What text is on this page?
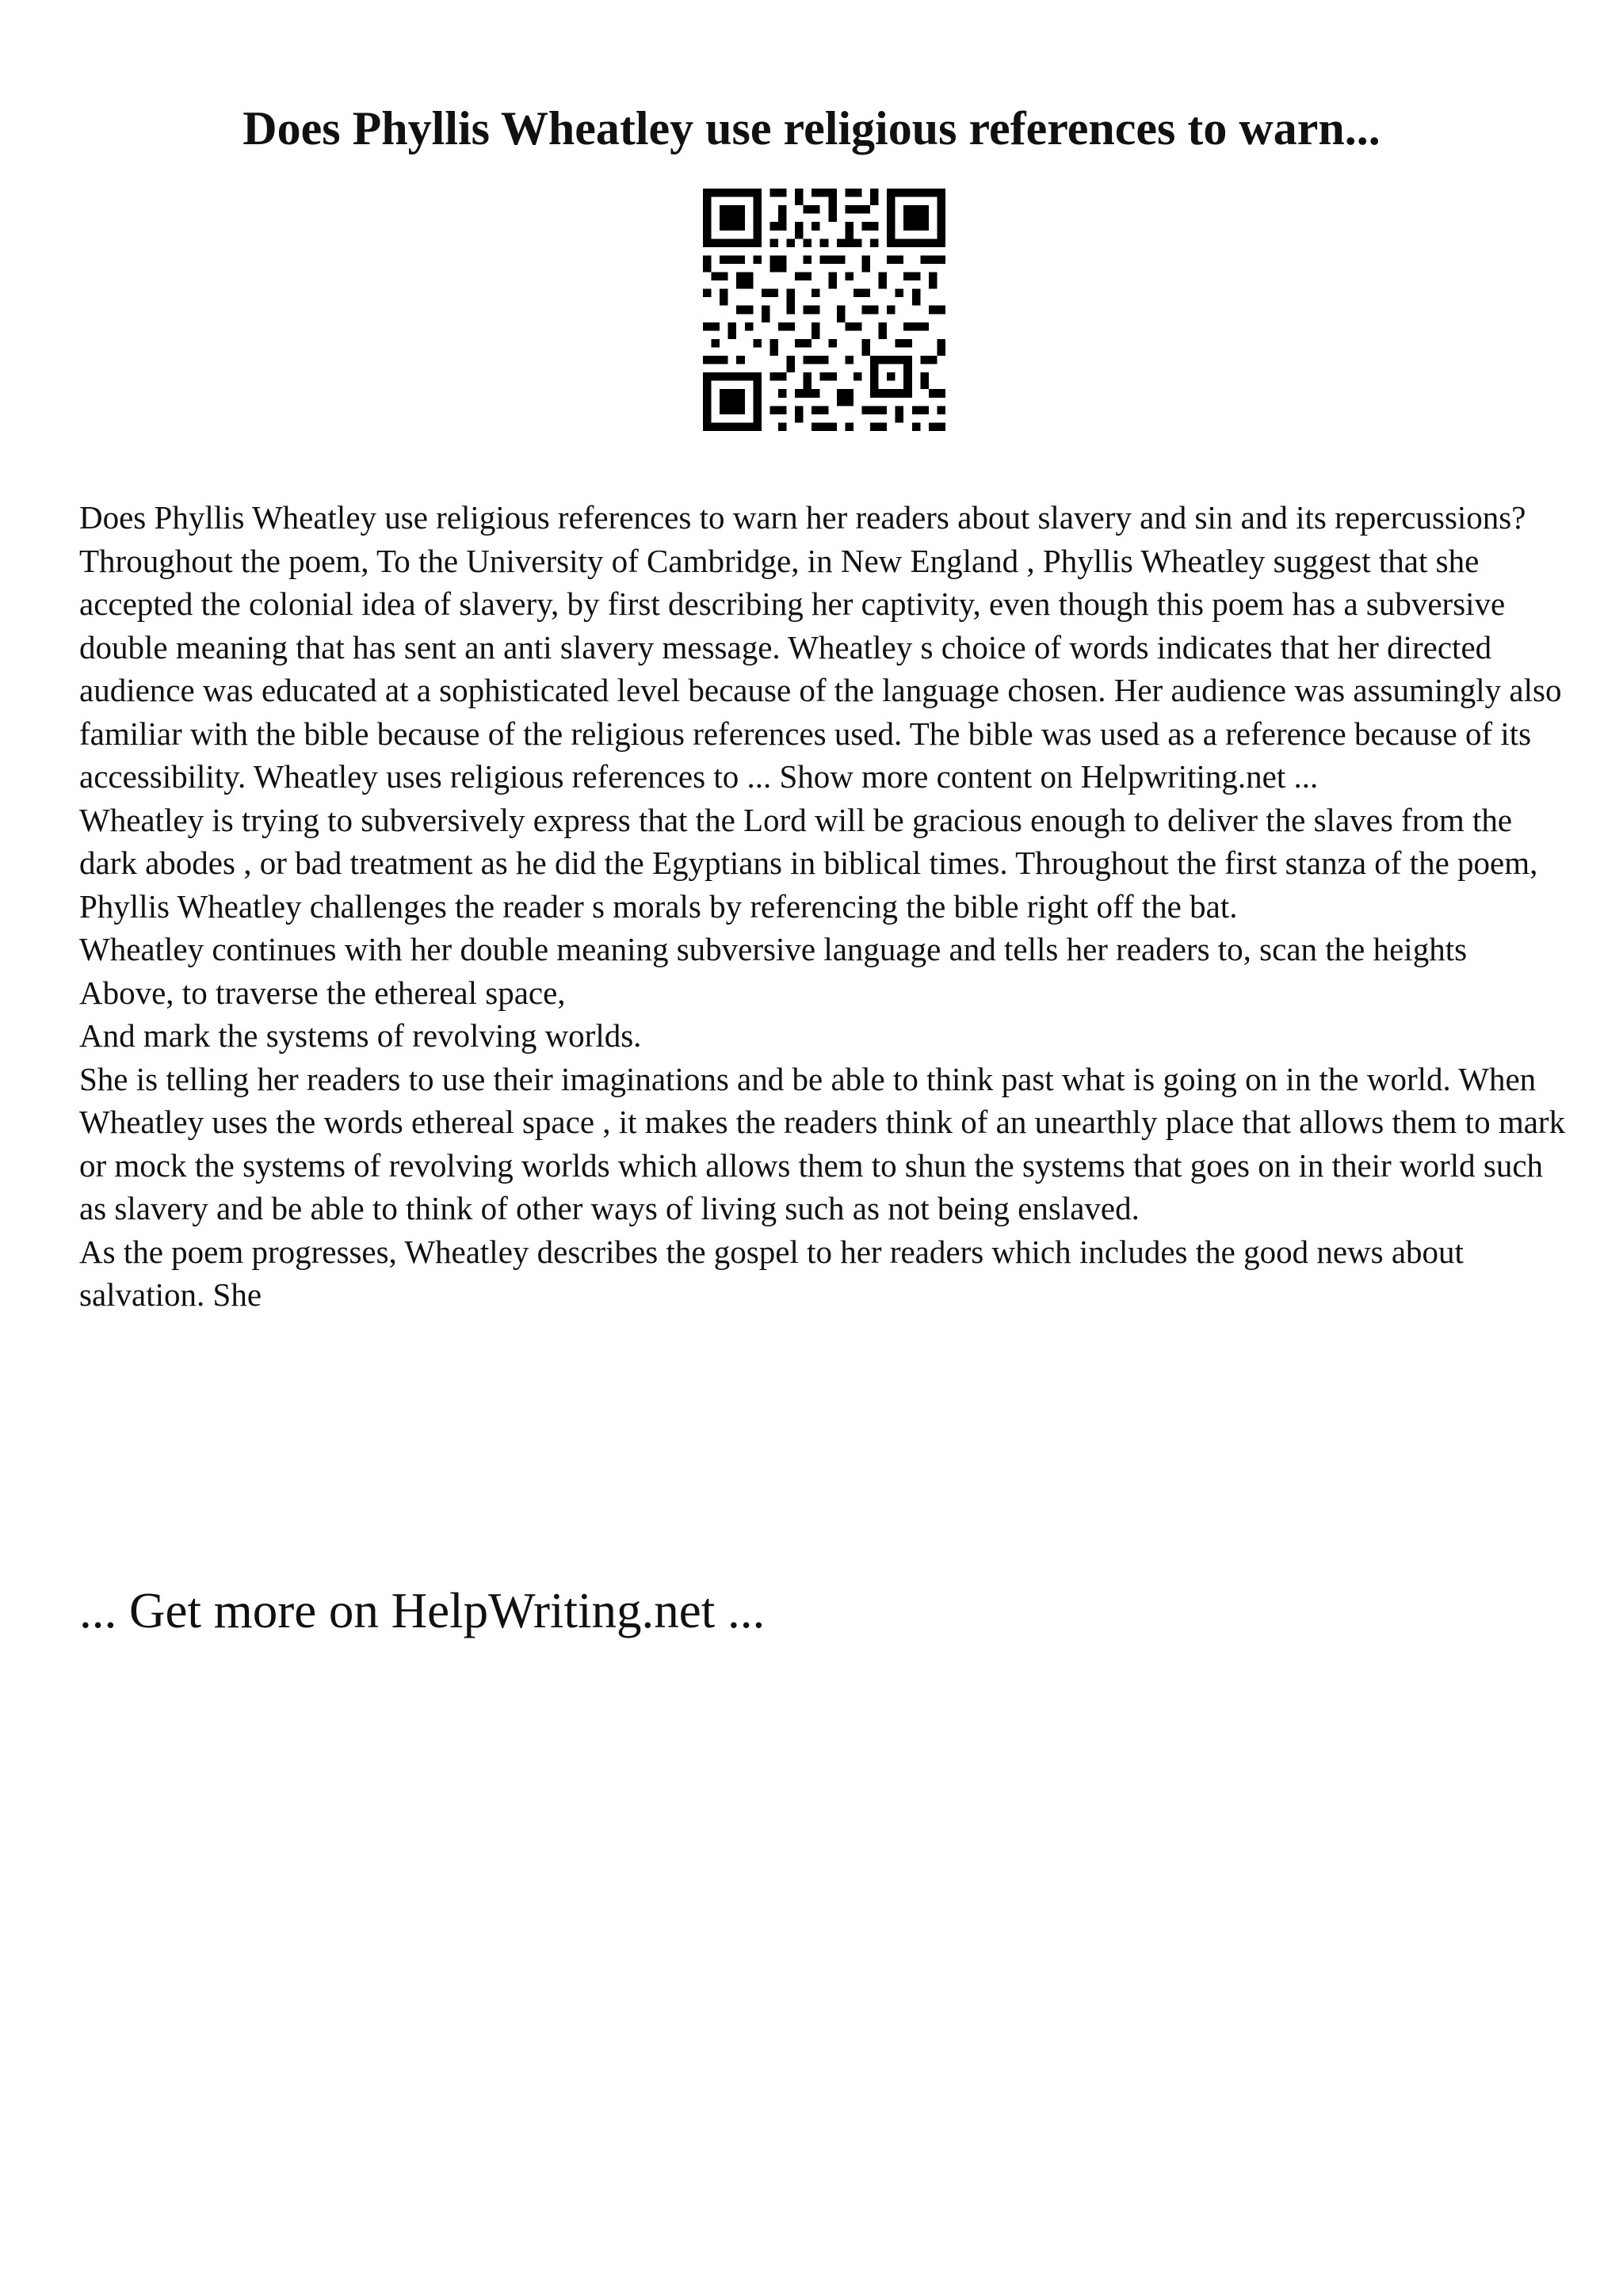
Does Phyllis Wheatley use religious references to warn...

Does Phyllis Wheatley use religious references to warn her readers about slavery and sin and its repercussions?

Throughout the poem, To the University of Cambridge, in New England , Phyllis Wheatley suggest that she accepted the colonial idea of slavery, by first describing her captivity, even though this poem has a subversive double meaning that has sent an anti slavery message. Wheatley s choice of words indicates that her directed audience was educated at a sophisticated level because of the language chosen. Her audience was assumingly also familiar with the bible because of the religious references used. The bible was used as a reference because of its accessibility. Wheatley uses religious references to ... Show more content on Helpwriting.net ...

Wheatley is trying to subversively express that the Lord will be gracious enough to deliver the slaves from the dark abodes , or bad treatment as he did the Egyptians in biblical times. Throughout the first stanza of the poem, Phyllis Wheatley challenges the reader s morals by referencing the bible right off the bat.

Wheatley continues with her double meaning subversive language and tells her readers to, scan the heights

Above, to traverse the ethereal space,

And mark the systems of revolving worlds.

She is telling her readers to use their imaginations and be able to think past what is going on in the world. When Wheatley uses the words ethereal space , it makes the readers think of an unearthly place that allows them to mark or mock the systems of revolving worlds which allows them to shun the systems that goes on in their world such as slavery and be able to think of other ways of living such as not being enslaved.

As the poem progresses, Wheatley describes the gospel to her readers which includes the good news about salvation. She

... Get more on HelpWriting.net ...
